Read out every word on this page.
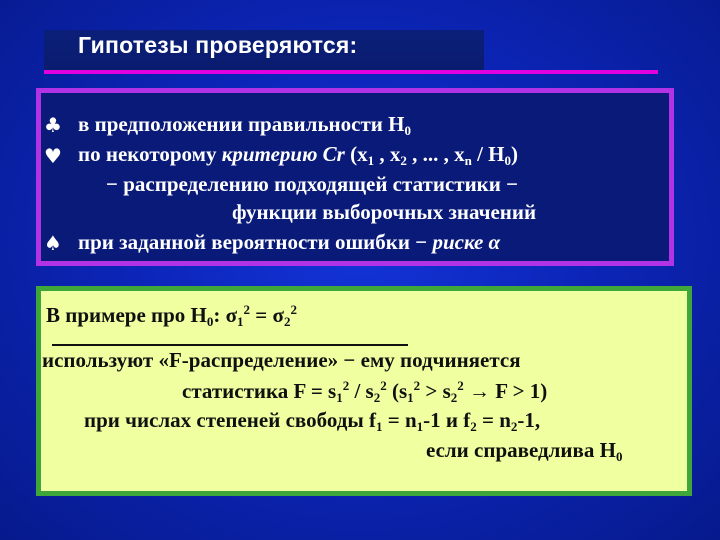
Гипотезы проверяются:
♣ в предположении правильности $H_0$
♥ по некоторому критерию Cr ($x_1$ , $x_2$ , ... , $x_n / H_0$)
− распределению подходящей статистики −
функции выборочных значений
♠ при заданной вероятности ошибки − риске α
В примере про $H_0$: $\sigma_1^2 = \sigma_2^2$
используют «F-распределение» − ему подчиняется
статистика $F = s_1^2 / s_2^2$ $(s_1^2 > s_2^2 \to F > 1)$
при числах степеней свободы $f_1 = n_1-1$ и $f_2 = n_2-1$,
если справедлива $H_0$
